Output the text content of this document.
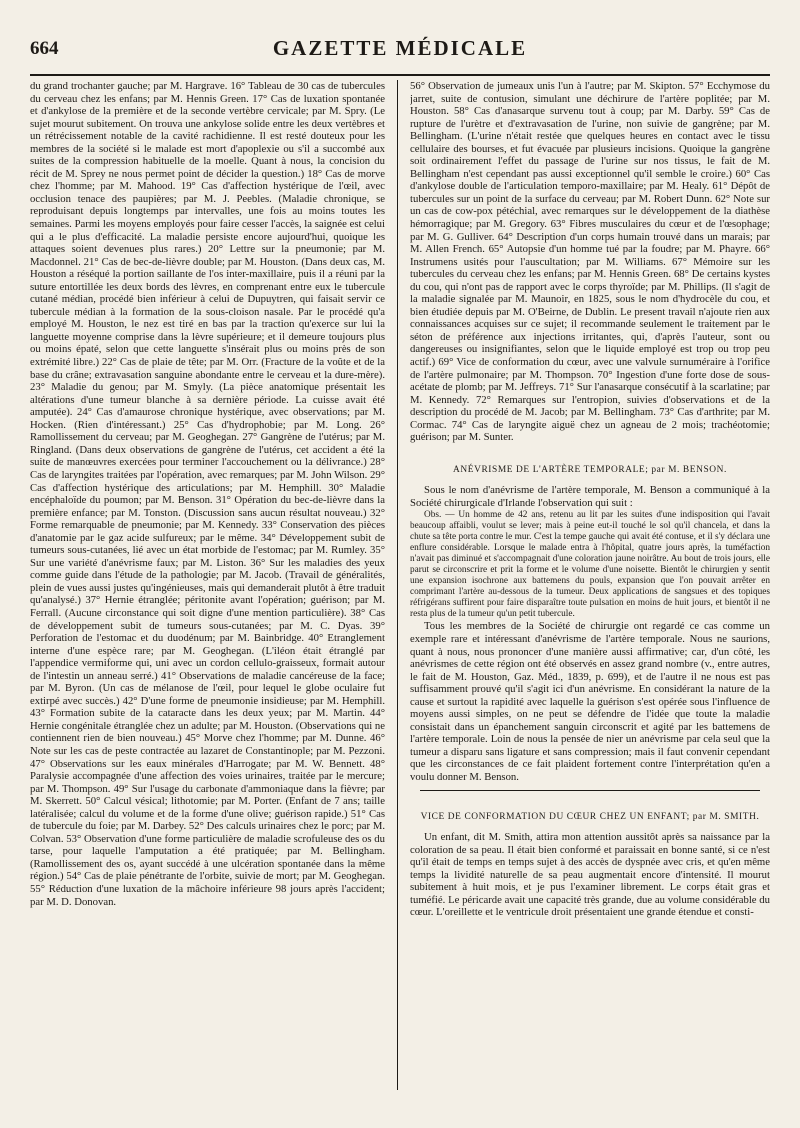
664	GAZETTE MÉDICALE

du grand trochanter gauche; par M. Hargrave. 16° Tableau de 30 cas de tubercules du cerveau chez les enfans; par M. Hennis Green. 17° Cas de luxation spontanée et d'ankylose de la première et de la seconde vertèbre cervicale; par M. Spry. (Le sujet mourut subitement. On trouva une ankylose solide entre les deux vertèbres et un rétrécissement notable de la cavité rachidienne. Il est resté douteux pour les membres de la société si le malade est mort d'apoplexie ou s'il a succombé aux suites de la compression habituelle de la moelle. Quant à nous, la concision du récit de M. Sprey ne nous permet point de décider la question.) 18° Cas de morve chez l'homme; par M. Mahood. 19° Cas d'affection hystérique de l'œil, avec occlusion tenace des paupières; par M. J. Peebles. (Maladie chronique, se reproduisant depuis longtemps par intervalles, une fois au moins toutes les semaines. Parmi les moyens employés pour faire cesser l'accès, la saignée est celui qui a le plus d'efficacité. La maladie persiste encore aujourd'hui, quoique les attaques soient devenues plus rares.) 20° Lettre sur la pneumonie; par M. Macdonnel. 21° Cas de bec-de-lièvre double; par M. Houston. (Dans deux cas, M. Houston a réséqué la portion saillante de l'os inter-maxillaire, puis il a réuni par la suture entortillée les deux bords des lèvres, en comprenant entre eux le tubercule cutané médian, procédé bien inférieur à celui de Dupuytren, qui faisait servir ce tubercule médian à la formation de la sous-cloison nasale. Par le procédé qu'a employé M. Houston, le nez est tiré en bas par la traction qu'exerce sur lui la languette moyenne comprise dans la lèvre supérieure; et il demeure toujours plus ou moins épaté, selon que cette languette s'insérait plus ou moins près de son extrémité libre.) 22° Cas de plaie de tête; par M. Orr. (Fracture de la voûte et de la base du crâne; extravasation sanguine abondante entre le cerveau et la dure-mère). 23° Maladie du genou; par M. Smyly. (La pièce anatomique présentait les altérations d'une tumeur blanche à sa dernière période. La cuisse avait été amputée). 24° Cas d'amaurose chronique hystérique, avec observations; par M. Hocken. (Rien d'intéressant.) 25° Cas d'hydrophobie; par M. Long. 26° Ramollissement du cerveau; par M. Geoghegan. 27° Gangrène de l'utérus; par M. Ringland. (Dans deux observations de gangrène de l'utérus, cet accident a été la suite de manœuvres exercées pour terminer l'accouchement ou la délivrance.) 28° Cas de laryngites traitées par l'opération, avec remarques; par M. John Wilson. 29° Cas d'affection hystérique des articulations; par M. Hemphill. 30° Maladie encéphaloïde du poumon; par M. Benson. 31° Opération du bec-de-lièvre dans la première enfance; par M. Tonston. (Discussion sans aucun résultat nouveau.) 32° Forme remarquable de pneumonie; par M. Kennedy. 33° Conservation des pièces d'anatomie par le gaz acide sulfureux; par le même. 34° Développement subit de tumeurs sous-cutanées, lié avec un état morbide de l'estomac; par M. Rumley. 35° Sur une variété d'anévrisme faux; par M. Liston. 36° Sur les maladies des yeux comme guide dans l'étude de la pathologie; par M. Jacob. (Travail de généralités, plein de vues aussi justes qu'ingénieuses, mais qui demanderait plutôt à être traduit qu'analysé.) 37° Hernie étranglée; péritonite avant l'opération; guérison; par M. Ferrall. (Aucune circonstance qui soit digne d'une mention particulière). 38° Cas de développement subit de tumeurs sous-cutanées; par M. C. Dyas. 39° Perforation de l'estomac et du duodénum; par M. Bainbridge. 40° Etranglement interne d'une espèce rare; par M. Geoghegan. (L'iléon était étranglé par l'appendice vermiforme qui, uni avec un cordon cellulo-graisseux, formait autour de l'intestin un anneau serré.) 41° Observations de maladie cancéreuse de la face; par M. Byron. (Un cas de mélanose de l'œil, pour lequel le globe oculaire fut extirpé avec succès.) 42° D'une forme de pneumonie insidieuse; par M. Hemphill. 43° Formation subite de la cataracte dans les deux yeux; par M. Martin. 44° Hernie congénitale étranglée chez un adulte; par M. Houston. (Observations qui ne contiennent rien de bien nouveau.) 45° Morve chez l'homme; par M. Dunne. 46° Note sur les cas de peste contractée au lazaret de Constantinople; par M. Pezzoni. 47° Observations sur les eaux minérales d'Harrogate; par M. W. Bennett. 48° Paralysie accompagnée d'une affection des voies urinaires, traitée par le mercure; par M. Thompson. 49° Sur l'usage du carbonate d'ammoniaque dans la fièvre; par M. Skerrett. 50° Calcul vésical; lithotomie; par M. Porter. (Enfant de 7 ans; taille latéralisée; calcul du volume et de la forme d'une olive; guérison rapide.) 51° Cas de tubercule du foie; par M. Darbey. 52° Des calculs urinaires chez le porc; par M. Colvan. 53° Observation d'une forme particulière de maladie scrofuleuse des os du tarse, pour laquelle l'amputation a été pratiquée; par M. Bellingham. (Ramollissement des os, ayant succédé à une ulcération spontanée dans la même région.) 54° Cas de plaie pénétrante de l'orbite, suivie de mort; par M. Geoghegan. 55° Réduction d'une luxation de la mâchoire inférieure 98 jours après l'accident; par M. D. Donovan.

56° Observation de jumeaux unis l'un à l'autre; par M. Skipton. 57° Ecchymose du jarret, suite de contusion, simulant une déchirure de l'artère poplitée; par M. Houston. 58° Cas d'anasarque survenu tout à coup; par M. Darby. 59° Cas de rupture de l'urètre et d'extravasation de l'urine, non suivie de gangrène; par M. Bellingham. (L'urine n'était restée que quelques heures en contact avec le tissu cellulaire des bourses, et fut évacuée par plusieurs incisions. Quoique la gangrène soit ordinairement l'effet du passage de l'urine sur nos tissus, le fait de M. Bellingham n'est cependant pas aussi exceptionnel qu'il semble le croire.) 60° Cas d'ankylose double de l'articulation temporo-maxillaire; par M. Healy. 61° Dépôt de tubercules sur un point de la surface du cerveau; par M. Robert Dunn. 62° Note sur un cas de cow-pox pétéchial, avec remarques sur le développement de la diathèse hémorragique; par M. Gregory. 63° Fibres musculaires du cœur et de l'œsophage; par M. G. Gulliver. 64° Description d'un corps humain trouvé dans un marais; par M. Allen French. 65° Autopsie d'un homme tué par la foudre; par M. Phayre. 66° Instrumens usités pour l'auscultation; par M. Williams. 67° Mémoire sur les tubercules du cerveau chez les enfans; par M. Hennis Green. 68° De certains kystes du cou, qui n'ont pas de rapport avec le corps thyroïde; par M. Phillips. (Il s'agit de la maladie signalée par M. Maunoir, en 1825, sous le nom d'hydrocèle du cou, et bien étudiée depuis par M. O'Beirne, de Dublin. Le present travail n'ajoute rien aux connaissances acquises sur ce sujet; il recommande seulement le traitement par le séton de préférence aux injections irritantes, qui, d'après l'auteur, sont ou dangereuses ou insignifiantes, selon que le liquide employé est trop ou trop peu actif.) 69° Vice de conformation du cœur, avec une valvule surnuméraire à l'orifice de l'artère pulmonaire; par M. Thompson. 70° Ingestion d'une forte dose de sous-acétate de plomb; par M. Jeffreys. 71° Sur l'anasarque consécutif à la scarlatine; par M. Kennedy. 72° Remarques sur l'entropion, suivies d'observations et de la description du procédé de M. Jacob; par M. Bellingham. 73° Cas d'arthrite; par M. Cormac. 74° Cas de laryngite aiguë chez un agneau de 2 mois; trachéotomie; guérison; par M. Sunter.

ANÉVRISME DE L'ARTÈRE TEMPORALE; par M. BENSON.

Sous le nom d'anévrisme de l'artère temporale, M. Benson a communiqué à la Société chirurgicale d'Irlande l'observation qui suit :

Obs. — Un homme de 42 ans, retenu au lit par les suites d'une indisposition qui l'avait beaucoup affaibli, voulut se lever; mais à peine eut-il touché le sol qu'il chancela, et dans la chute sa tête porta contre le mur. C'est la tempe gauche qui avait été contuse, et il s'y déclara une enflure considérable. Lorsque le malade entra à l'hôpital, quatre jours après, la tuméfaction n'avait pas diminué et s'accompagnait d'une coloration jaune noirâtre. Au bout de trois jours, elle parut se circonscrire et prit la forme et le volume d'une noisette. Bientôt le chirurgien y sentit une expansion isochrone aux battemens du pouls, expansion que l'on pouvait arrêter en comprimant l'artère au-dessous de la tumeur. Deux applications de sangsues et des topiques réfrigérans suffirent pour faire disparaître toute pulsation en moins de huit jours, et bientôt il ne resta plus de la tumeur qu'un petit tubercule.

Tous les membres de la Société de chirurgie ont regardé ce cas comme un exemple rare et intéressant d'anévrisme de l'artère temporale. Nous ne saurions, quant à nous, nous prononcer d'une manière aussi affirmative; car, d'un côté, les anévrismes de cette région ont été observés en assez grand nombre (v., entre autres, le fait de M. Houston, Gaz. Méd., 1839, p. 699), et de l'autre il ne nous est pas suffisamment prouvé qu'il s'agit ici d'un anévrisme. En considérant la nature de la cause et surtout la rapidité avec laquelle la guérison s'est opérée sous l'influence de moyens aussi simples, on ne peut se défendre de l'idée que toute la maladie consistait dans un épanchement sanguin circonscrit et agité par les battemens de l'artère temporale. Loin de nous la pensée de nier un anévrisme par cela seul que la tumeur a disparu sans ligature et sans compression; mais il faut convenir cependant que les circonstances de ce fait plaident fortement contre l'interprétation qu'en a voulu donner M. Benson.

VICE DE CONFORMATION DU CŒUR CHEZ UN ENFANT; par M. SMITH.

Un enfant, dit M. Smith, attira mon attention aussitôt après sa naissance par la coloration de sa peau. Il était bien conformé et paraissait en bonne santé, si ce n'est qu'il était de temps en temps sujet à des accès de dyspnée avec cris, et qu'en même temps la lividité naturelle de sa peau augmentait encore d'intensité. Il mourut subitement à huit mois, et je pus l'examiner librement. Le corps était gras et tuméfié. Le péricarde avait une capacité très grande, due au volume considérable du cœur. L'oreillette et le ventricule droit présentaient une grande étendue et consti-
